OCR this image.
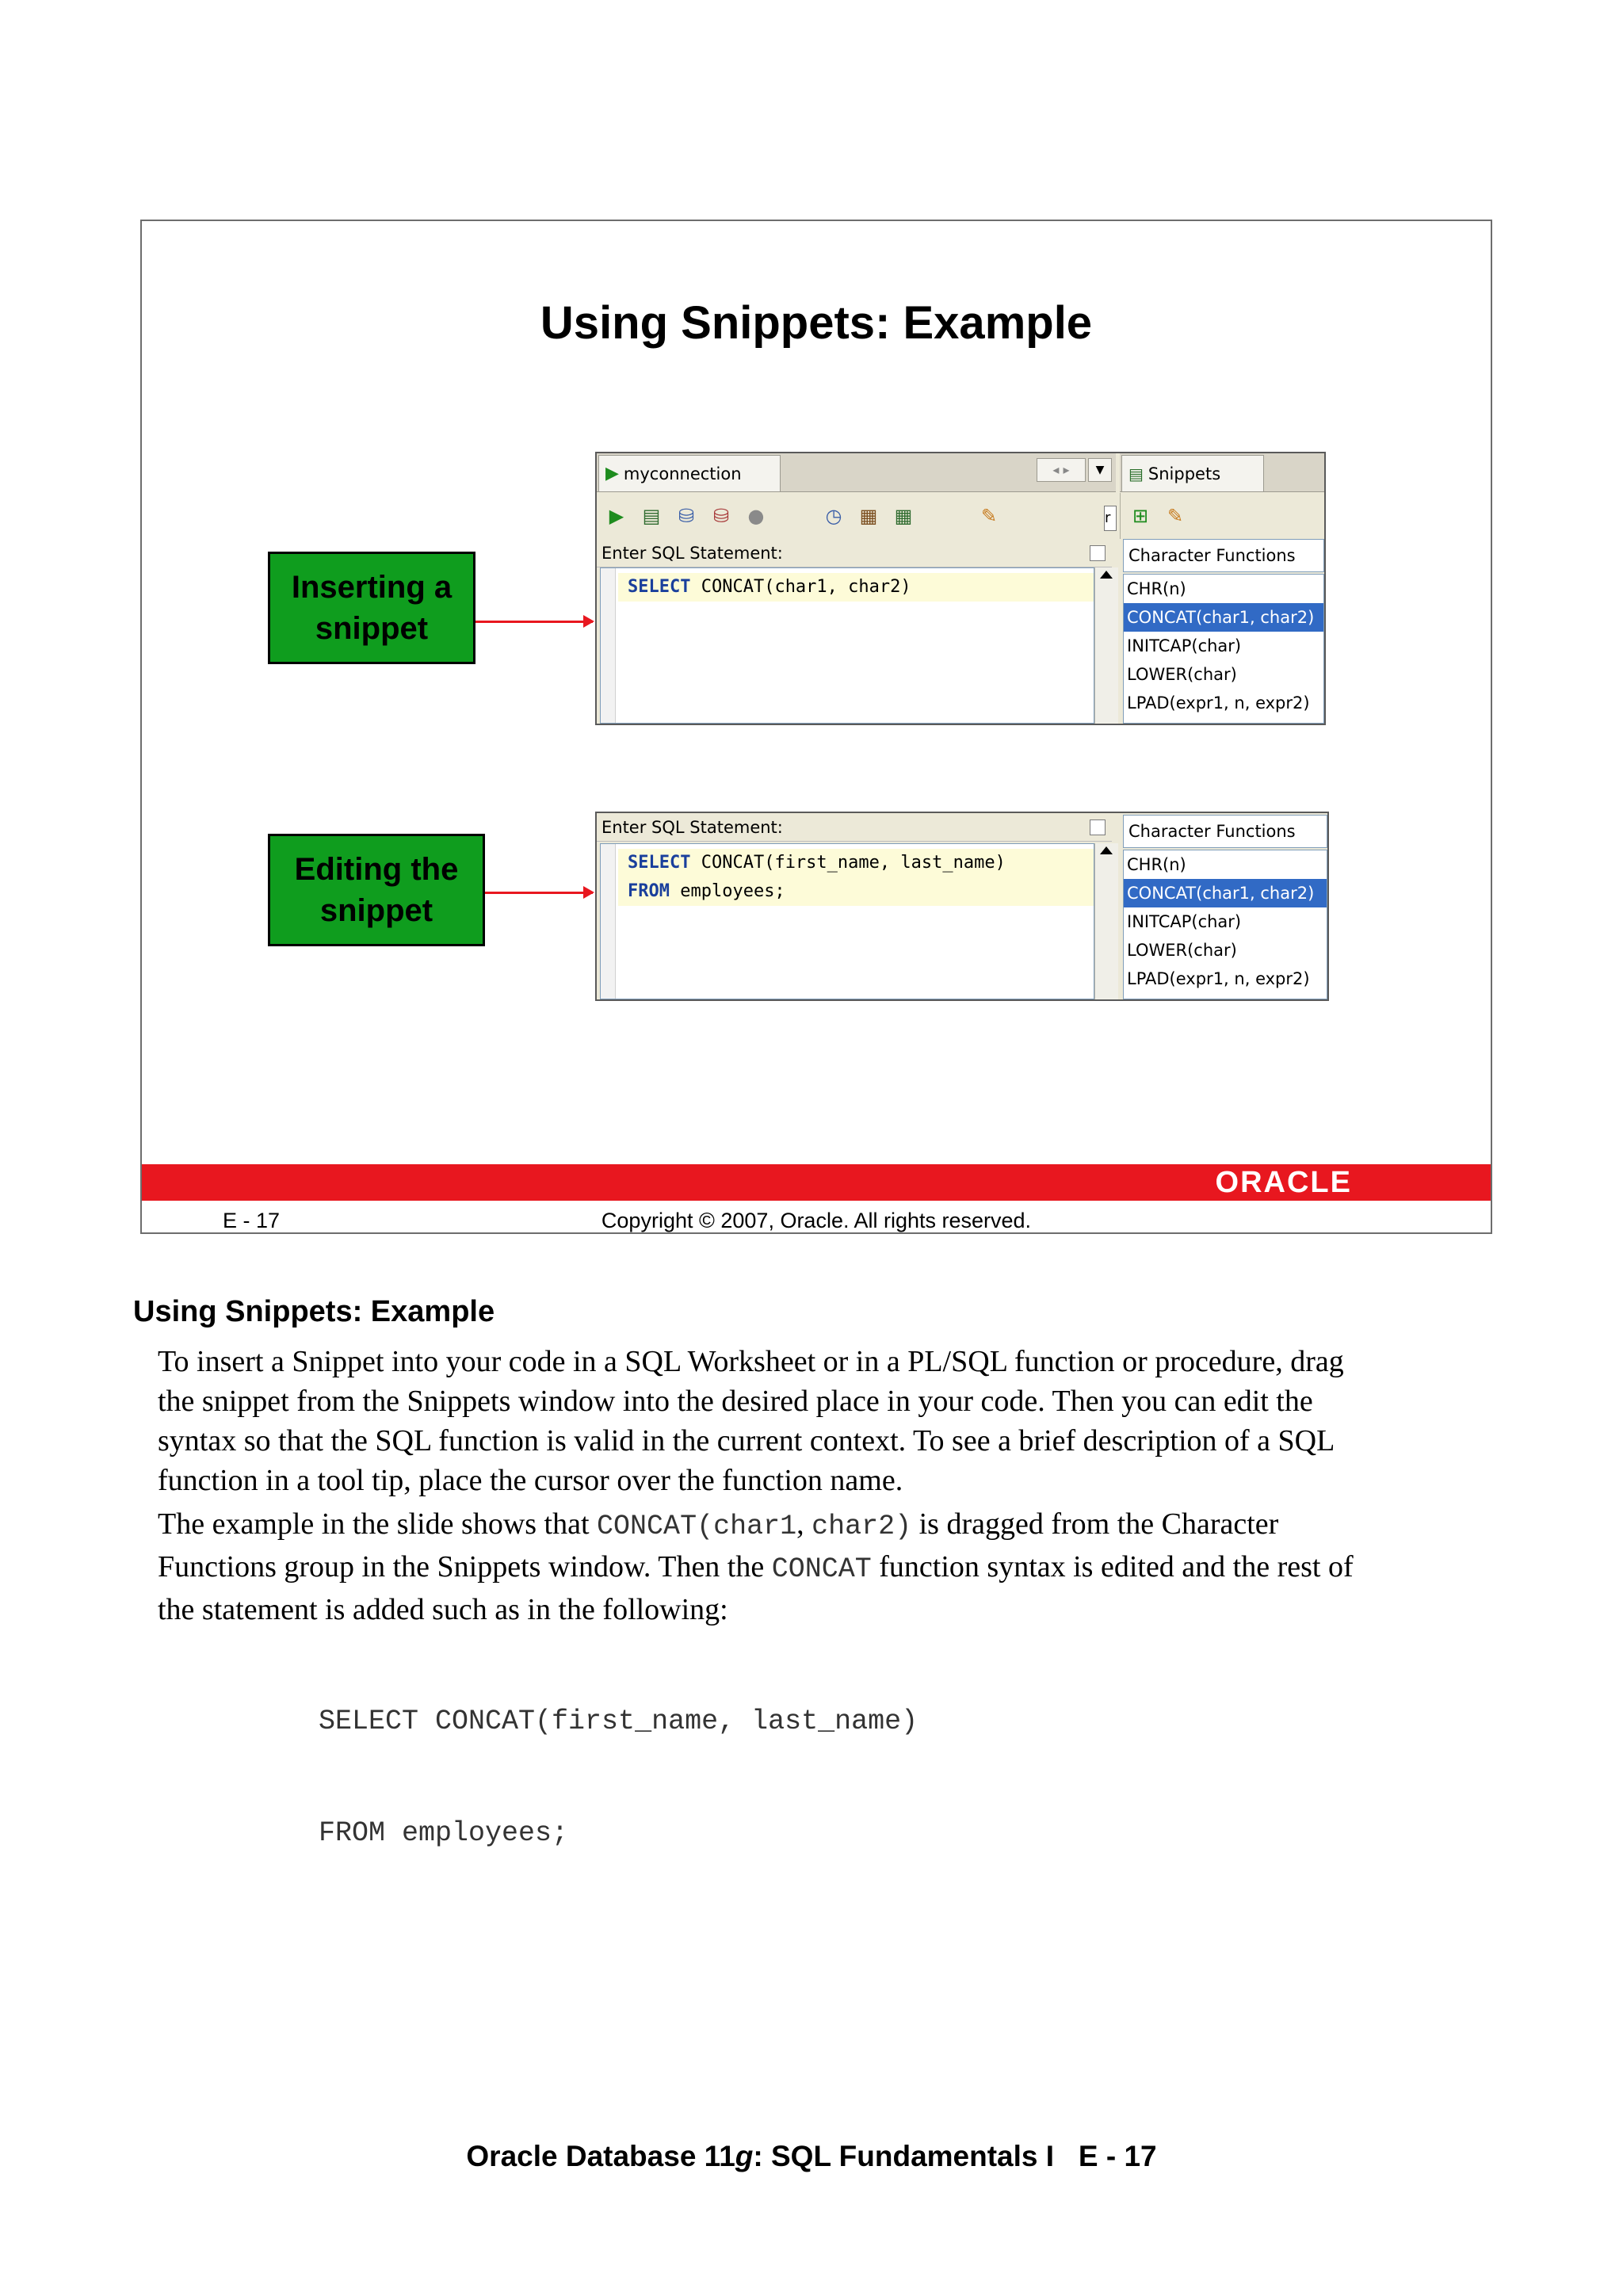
Using Snippets: Example
Inserting a
snippet
Editing the
snippet
▶ myconnection	◂ ▸	▼	▤ Snippets
▶ ▤ ⛁ ⛁ ●	◷ ▦ ▦	✎	r	⊞ ✎
Enter SQL Statement:
SELECT CONCAT(char1, char2)
Character Functions
CHR(n)
CONCAT(char1, char2)
INITCAP(char)
LOWER(char)
LPAD(expr1, n, expr2)
Enter SQL Statement:
SELECT CONCAT(first_name, last_name)
FROM employees;
Character Functions
CHR(n)
CONCAT(char1, char2)
INITCAP(char)
LOWER(char)
LPAD(expr1, n, expr2)
ORACLE
E - 17	Copyright © 2007, Oracle. All rights reserved.
Using Snippets: Example
To insert a Snippet into your code in a SQL Worksheet or in a PL/SQL function or procedure, drag
the snippet from the Snippets window into the desired place in your code. Then you can edit the
syntax so that the SQL function is valid in the current context. To see a brief description of a SQL
function in a tool tip, place the cursor over the function name.
The example in the slide shows that CONCAT(char1, char2) is dragged from the Character
Functions group in the Snippets window. Then the CONCAT function syntax is edited and the rest of
the statement is added such as in the following:

SELECT CONCAT(first_name, last_name)

FROM employees;

Oracle Database 11g: SQL Fundamentals I   E - 17
